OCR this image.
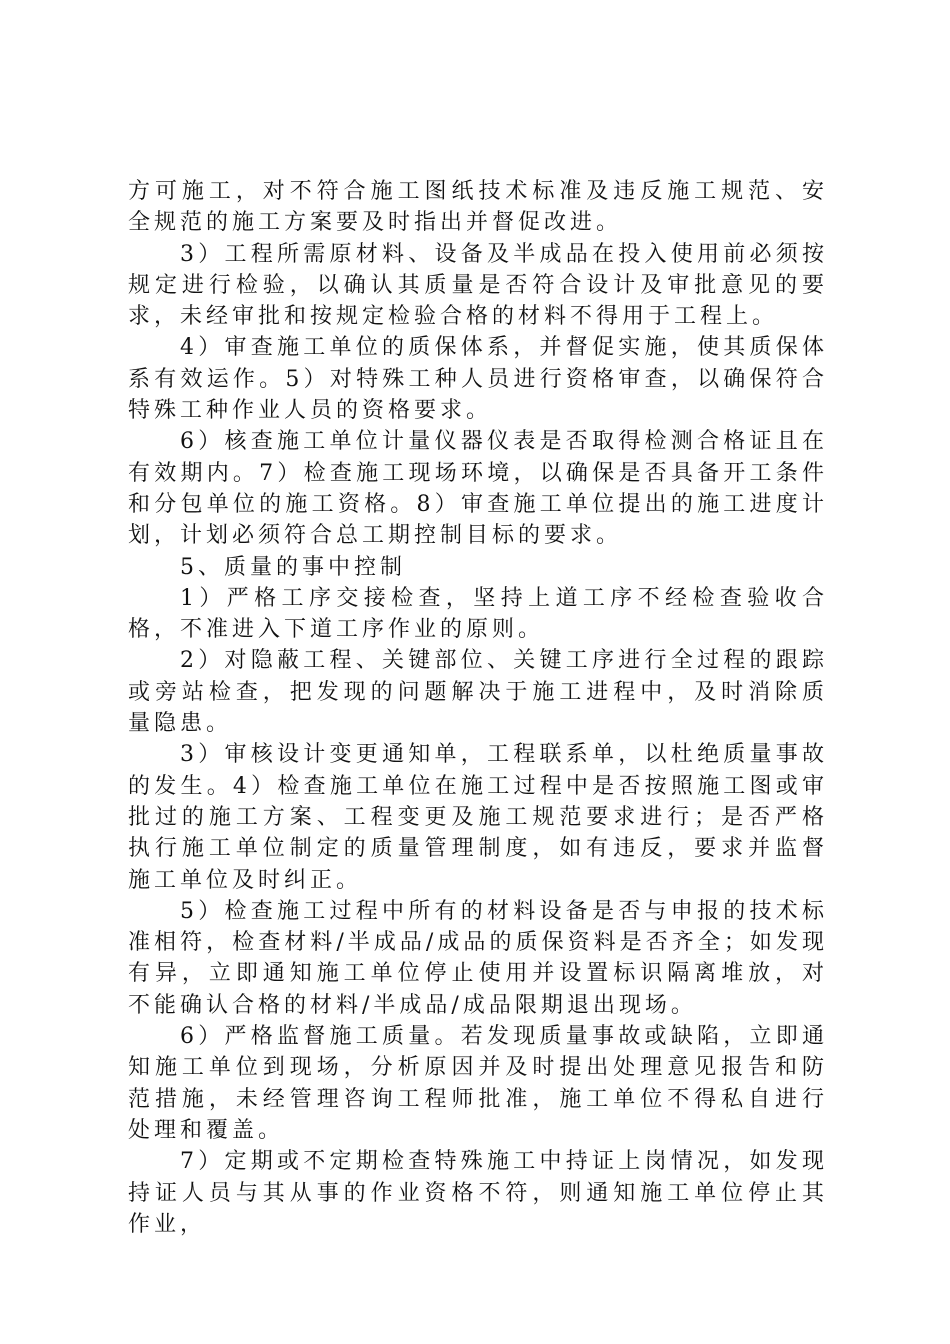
方可施工，对不符合施工图纸技术标准及违反施工规范、安全规范的施工方案要及时指出并督促改进。

3）工程所需原材料、设备及半成品在投入使用前必须按规定进行检验，以确认其质量是否符合设计及审批意见的要求，未经审批和按规定检验合格的材料不得用于工程上。

4）审查施工单位的质保体系，并督促实施，使其质保体系有效运作。5）对特殊工种人员进行资格审查，以确保符合特殊工种作业人员的资格要求。

6）核查施工单位计量仪器仪表是否取得检测合格证且在有效期内。7）检查施工现场环境，以确保是否具备开工条件和分包单位的施工资格。8）审查施工单位提出的施工进度计划，计划必须符合总工期控制目标的要求。

5、质量的事中控制

1）严格工序交接检查，坚持上道工序不经检查验收合格，不准进入下道工序作业的原则。

2）对隐蔽工程、关键部位、关键工序进行全过程的跟踪或旁站检查，把发现的问题解决于施工进程中，及时消除质量隐患。

3）审核设计变更通知单，工程联系单，以杜绝质量事故的发生。4）检查施工单位在施工过程中是否按照施工图或审批过的施工方案、工程变更及施工规范要求进行；是否严格执行施工单位制定的质量管理制度，如有违反，要求并监督施工单位及时纠正。

5）检查施工过程中所有的材料设备是否与申报的技术标准相符，检查材料/半成品/成品的质保资料是否齐全；如发现有异，立即通知施工单位停止使用并设置标识隔离堆放，对不能确认合格的材料/半成品/成品限期退出现场。

6）严格监督施工质量。若发现质量事故或缺陷，立即通知施工单位到现场，分析原因并及时提出处理意见报告和防范措施，未经管理咨询工程师批准，施工单位不得私自进行处理和覆盖。

7）定期或不定期检查特殊施工中持证上岗情况，如发现持证人员与其从事的作业资格不符，则通知施工单位停止其作业，
